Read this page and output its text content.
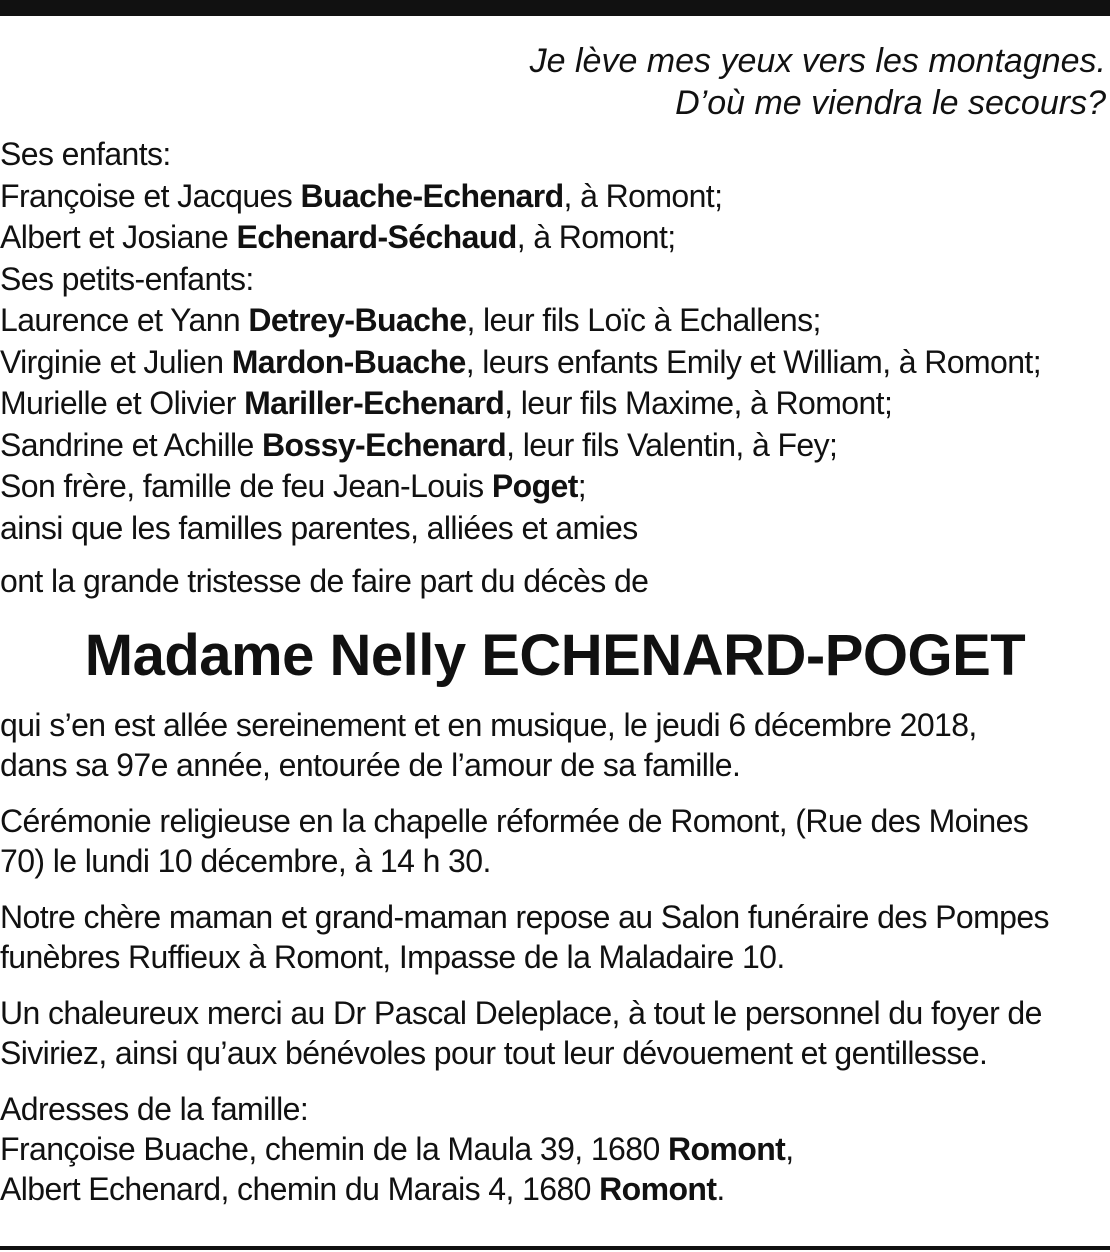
Je lève mes yeux vers les montagnes.
D’où me viendra le secours?
Ses enfants:
Françoise et Jacques Buache-Echenard, à Romont;
Albert et Josiane Echenard-Séchaud, à Romont;
Ses petits-enfants:
Laurence et Yann Detrey-Buache, leur fils Loïc à Echallens;
Virginie et Julien Mardon-Buache, leurs enfants Emily et William, à Romont;
Murielle et Olivier Mariller-Echenard, leur fils Maxime, à Romont;
Sandrine et Achille Bossy-Echenard, leur fils Valentin, à Fey;
Son frère, famille de feu Jean-Louis Poget;
ainsi que les familles parentes, alliées et amies
ont la grande tristesse de faire part du décès de
Madame Nelly ECHENARD-POGET
qui s’en est allée sereinement et en musique, le jeudi 6 décembre 2018,
dans sa 97e année, entourée de l’amour de sa famille.
Cérémonie religieuse en la chapelle réformée de Romont, (Rue des Moines
70) le lundi 10 décembre, à 14 h 30.
Notre chère maman et grand-maman repose au Salon funéraire des Pompes
funèbres Ruffieux à Romont, Impasse de la Maladaire 10.
Un chaleureux merci au Dr Pascal Deleplace, à tout le personnel du foyer de
Siviriez, ainsi qu’aux bénévoles pour tout leur dévouement et gentillesse.
Adresses de la famille:
Françoise Buache, chemin de la Maula 39, 1680 Romont,
Albert Echenard, chemin du Marais 4, 1680 Romont.
